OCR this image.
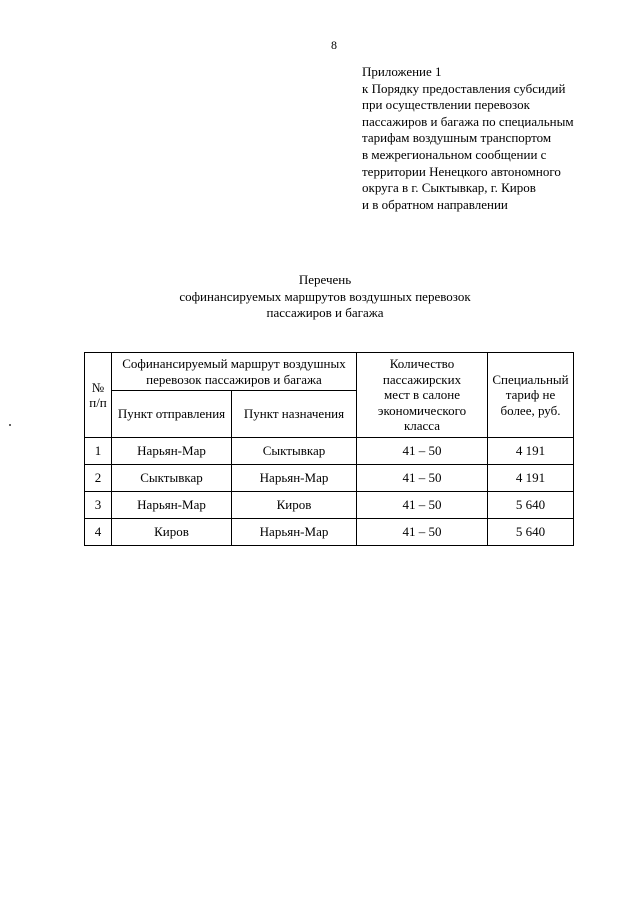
8
Приложение 1
к Порядку предоставления субсидий
при осуществлении перевозок
пассажиров и багажа по специальным
тарифам воздушным транспортом
в межрегиональном сообщении с
территории Ненецкого автономного
округа в г. Сыктывкар, г. Киров
и в обратном направлении
Перечень
софинансируемых маршрутов воздушных перевозок
пассажиров и багажа
№
п/п	Софинансируемый маршрут воздушных перевозок пассажиров и багажа		Количество пассажирских мест в салоне экономического класса	Специальный тариф не более, руб.
	Пункт отправления	Пункт назначения		
1	Нарьян-Мар	Сыктывкар	41 – 50	4 191
2	Сыктывкар	Нарьян-Мар	41 – 50	4 191
3	Нарьян-Мар	Киров	41 – 50	5 640
4	Киров	Нарьян-Мар	41 – 50	5 640
